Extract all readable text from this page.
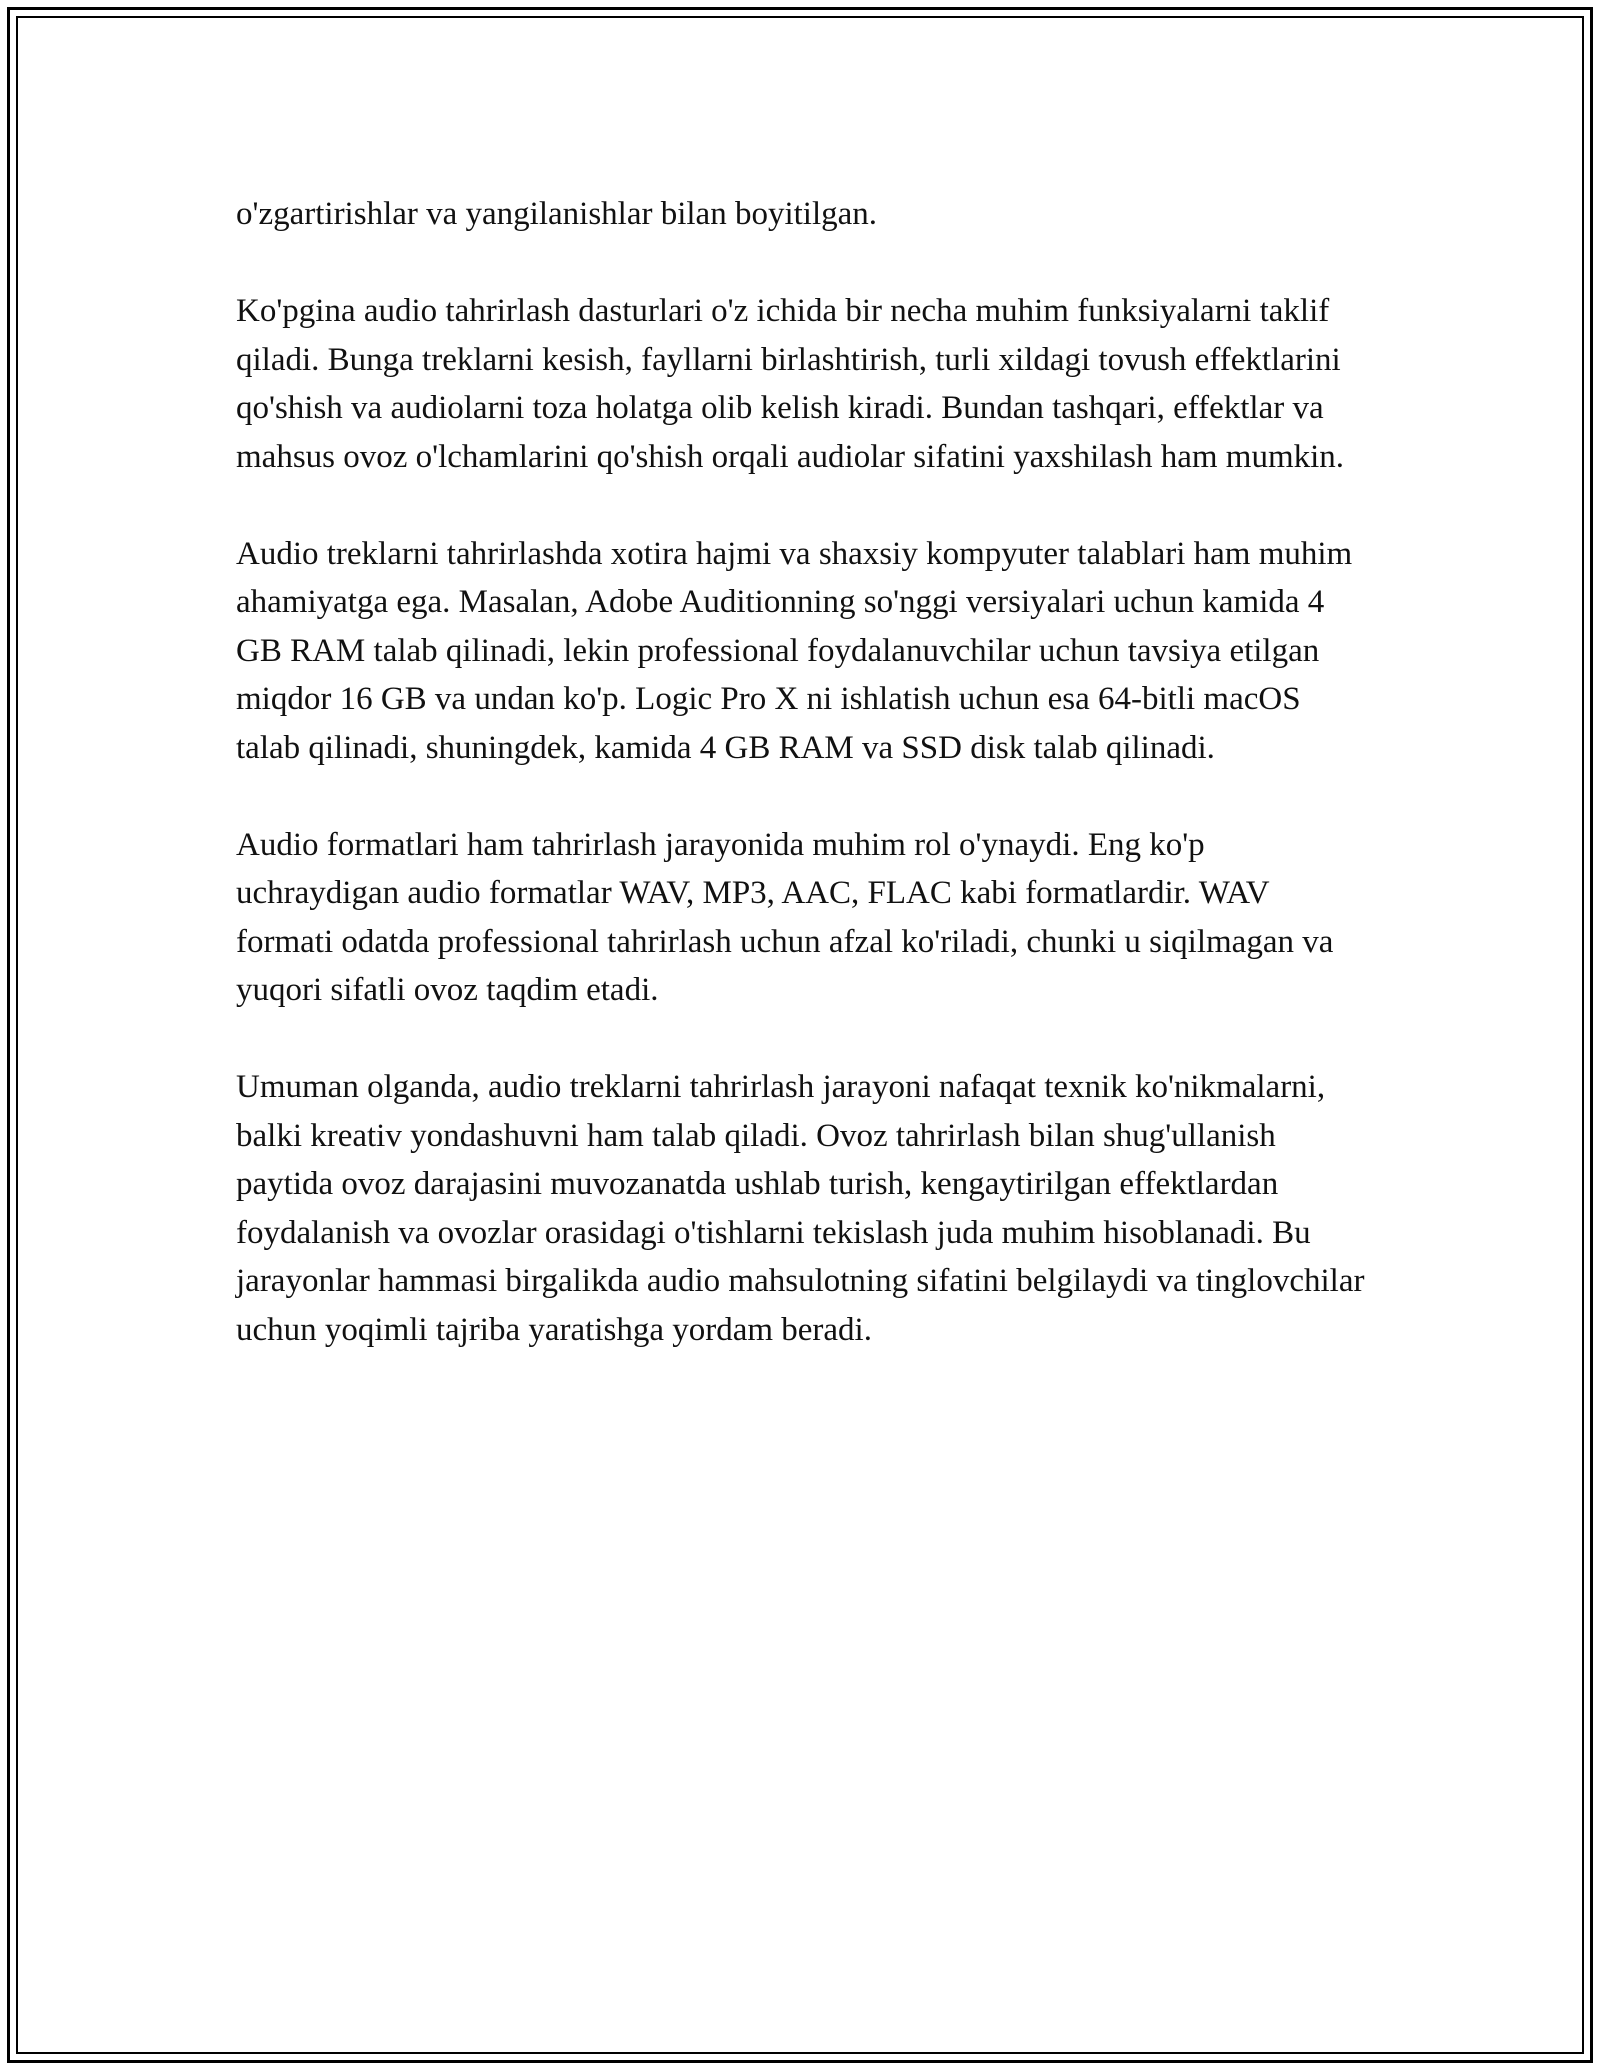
o'zgartirishlar va yangilanishlar bilan boyitilgan.

Ko'pgina audio tahrirlash dasturlari o'z ichida bir necha muhim funksiyalarni taklif qiladi. Bunga treklarni kesish, fayllarni birlashtirish, turli xildagi tovush effektlarini qo'shish va audiolarni toza holatga olib kelish kiradi. Bundan tashqari, effektlar va mahsus ovoz o'lchamlarini qo'shish orqali audiolar sifatini yaxshilash ham mumkin.

Audio treklarni tahrirlashda xotira hajmi va shaxsiy kompyuter talablari ham muhim ahamiyatga ega. Masalan, Adobe Auditionning so'nggi versiyalari uchun kamida 4 GB RAM talab qilinadi, lekin professional foydalanuvchilar uchun tavsiya etilgan miqdor 16 GB va undan ko'p. Logic Pro X ni ishlatish uchun esa 64-bitli macOS talab qilinadi, shuningdek, kamida 4 GB RAM va SSD disk talab qilinadi.

Audio formatlari ham tahrirlash jarayonida muhim rol o'ynaydi. Eng ko'p uchraydigan audio formatlar WAV, MP3, AAC, FLAC kabi formatlardir. WAV formati odatda professional tahrirlash uchun afzal ko'riladi, chunki u siqilmagan va yuqori sifatli ovoz taqdim etadi.

Umuman olganda, audio treklarni tahrirlash jarayoni nafaqat texnik ko'nikmalarni, balki kreativ yondashuvni ham talab qiladi. Ovoz tahrirlash bilan shug'ullanish paytida ovoz darajasini muvozanatda ushlab turish, kengaytirilgan effektlardan foydalanish va ovozlar orasidagi o'tishlarni tekislash juda muhim hisoblanadi. Bu jarayonlar hammasi birgalikda audio mahsulotning sifatini belgilaydi va tinglovchilar uchun yoqimli tajriba yaratishga yordam beradi.
